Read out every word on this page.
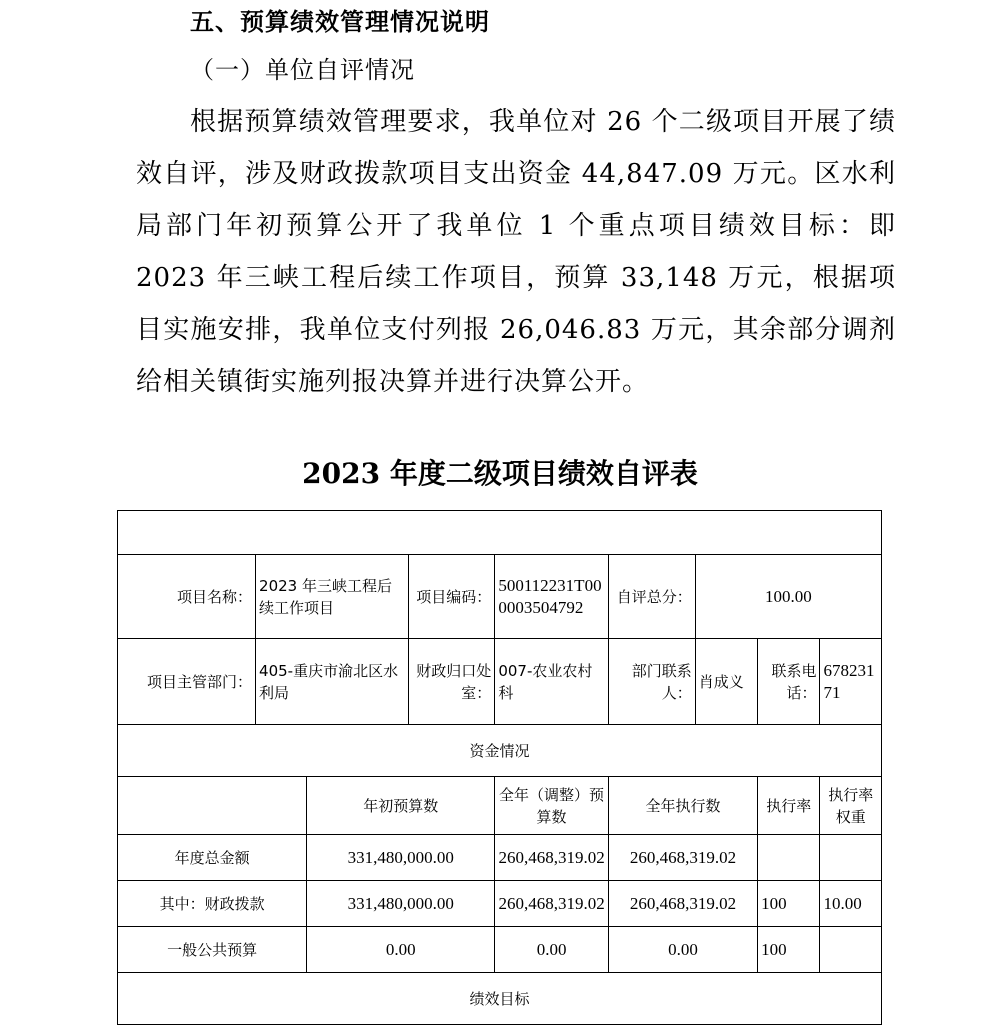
五、预算绩效管理情况说明
（一）单位自评情况

根据预算绩效管理要求，我单位对 26 个二级项目开展了绩效自评，涉及财政拨款项目支出资金 44,847.09 万元。区水利局部门年初预算公开了我单位 1 个重点项目绩效目标：即 2023 年三峡工程后续工作项目，预算 33,148 万元，根据项目实施安排，我单位支付列报 26,046.83 万元，其余部分调剂给相关镇街实施列报决算并进行决算公开。

2023 年度二级项目绩效自评表

项目名称：	2023 年三峡工程后续工作项目		项目编码：	500112231T000003504792	自评总分：	100.00		
项目主管部门：	405-重庆市渝北区水利局		财政归口处室：	007-农业农村科	部门联系人：	肖成义	联系电话：	67823171
资金情况								
		年初预算数		全年（调整）预算数	全年执行数		执行率	执行率权重
年度总金额		331,480,000.00		260,468,319.02	260,468,319.02			
其中：财政拨款		331,480,000.00		260,468,319.02	260,468,319.02		100	10.00
一般公共预算		0.00		0.00	0.00		100	
绩效目标								
